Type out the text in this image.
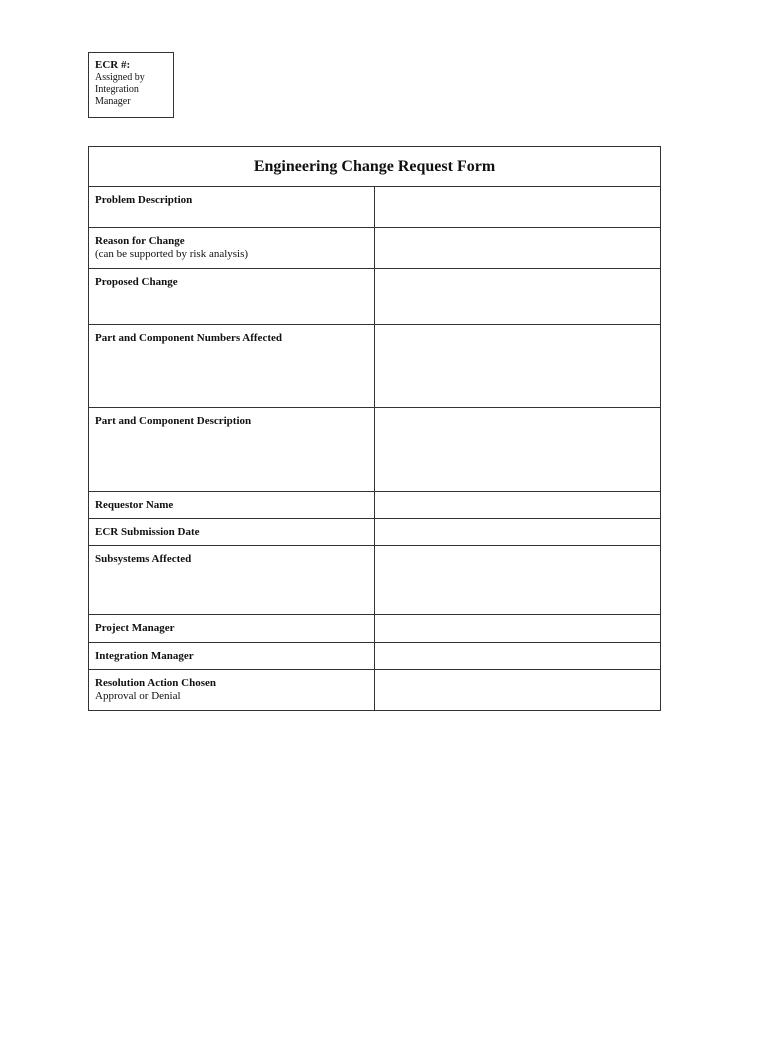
ECR #:
Assigned by
Integration
Manager
Engineering Change Request Form	

Problem Description	

Reason for Change
(can be supported by risk analysis)	

Proposed Change	

Part and Component Numbers Affected	

Part and Component Description	

Requestor Name	

ECR Submission Date	

Subsystems Affected	

Project Manager	

Integration Manager	

Resolution Action Chosen
Approval or Denial	
